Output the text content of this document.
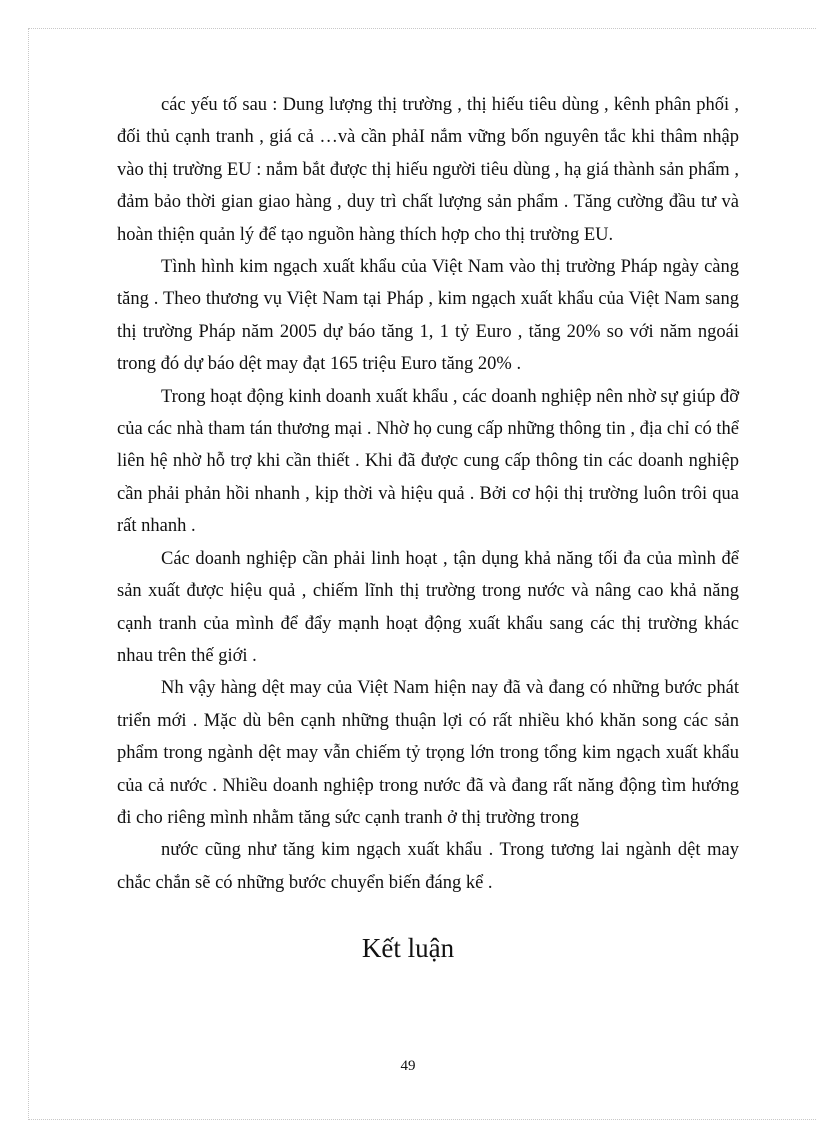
các yếu tố sau : Dung lượng thị trường , thị hiếu tiêu dùng , kênh phân phối , đối thủ cạnh tranh , giá cả …và cần phảI nắm vững bốn nguyên tắc khi thâm nhập vào thị trường EU : nắm bắt được thị hiếu người tiêu dùng , hạ giá thành sản phẩm , đảm bảo thời gian giao hàng , duy trì chất lượng sản phẩm . Tăng cường đầu tư và hoàn thiện quản lý để tạo nguồn hàng thích hợp cho thị trường EU.

Tình hình kim ngạch xuất khẩu của Việt Nam vào thị trường Pháp ngày càng tăng . Theo thương vụ Việt Nam tại Pháp , kim ngạch xuất khẩu của Việt Nam sang thị trường Pháp năm 2005 dự báo tăng 1, 1 tỷ Euro , tăng 20% so với năm ngoái trong đó dự báo dệt may đạt 165 triệu Euro tăng 20% .

Trong hoạt động kinh doanh xuất khẩu , các doanh nghiệp nên nhờ sự giúp đỡ của các nhà tham tán thương mại . Nhờ họ cung cấp những thông tin , địa chỉ có thể liên hệ nhờ hỗ trợ khi cần thiết . Khi đã được cung cấp thông tin các doanh nghiệp cần phải phản hồi nhanh , kịp thời và hiệu quả . Bởi cơ hội thị trường luôn trôi qua rất nhanh .

Các doanh nghiệp cần phải linh hoạt , tận dụng khả năng tối đa của mình để sản xuất được hiệu quả , chiếm lĩnh thị trường trong nước và nâng cao khả năng cạnh tranh của mình để đẩy mạnh hoạt động xuất khẩu sang các thị trường khác nhau trên thế giới .

Nh vậy hàng dệt may của Việt Nam hiện nay đã và đang có những bước phát triển mới . Mặc dù bên cạnh những thuận lợi có rất nhiều khó khăn song các sản phẩm trong ngành dệt may vẫn chiếm tỷ trọng lớn trong tổng kim ngạch xuất khẩu của cả nước . Nhiều doanh nghiệp trong nước đã và đang rất năng động tìm hướng đi cho riêng mình nhằm tăng sức cạnh tranh ở thị trường trong

nước cũng như tăng kim ngạch xuất khẩu . Trong tương lai ngành dệt may chắc chắn sẽ có những bước chuyển biến đáng kể .

Kết luận
49
